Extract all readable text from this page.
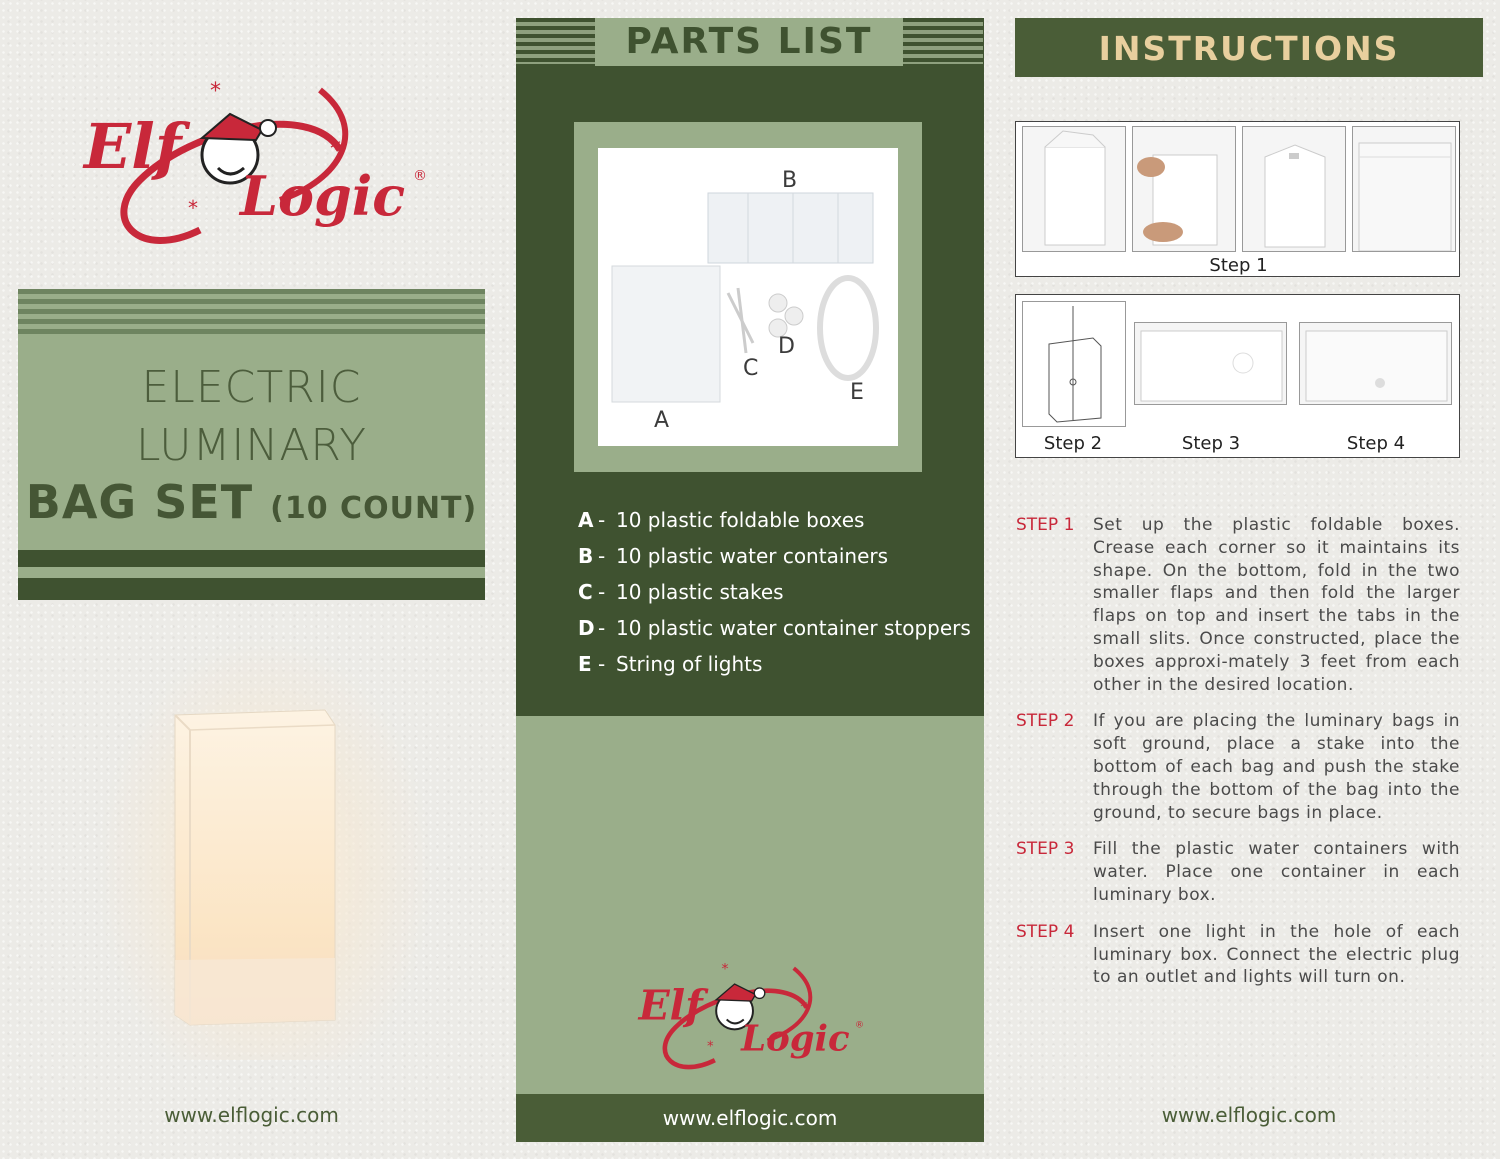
*
*
*
Elf
Logic ®
ELECTRIC
LUMINARY
BAG SET (10 COUNT)
www.elflogic.com
PARTS LIST
B
A
C
D
E
A - 10 plastic foldable boxes
B - 10 plastic water containers
C - 10 plastic stakes
D - 10 plastic water container stoppers
E - String of lights
*
*
*
Elf
Logic ®
www.elflogic.com
INSTRUCTIONS
Step 1
Step 2	Step 3	Step 4
STEP 1	Set up the plastic foldable boxes. Crease each corner so it maintains its shape. On the bottom, fold in the two smaller flaps and then fold the larger flaps on top and insert the tabs in the small slits. Once constructed, place the boxes approxi-mately 3 feet from each other in the desired location.
STEP 2	If you are placing the luminary bags in soft ground, place a stake into the bottom of each bag and push the stake through the bottom of the bag into the ground, to secure bags in place.
STEP 3	Fill the plastic water containers with water. Place one container in each luminary box.
STEP 4	Insert one light in the hole of each luminary box. Connect the electric plug to an outlet and lights will turn on.
www.elflogic.com
